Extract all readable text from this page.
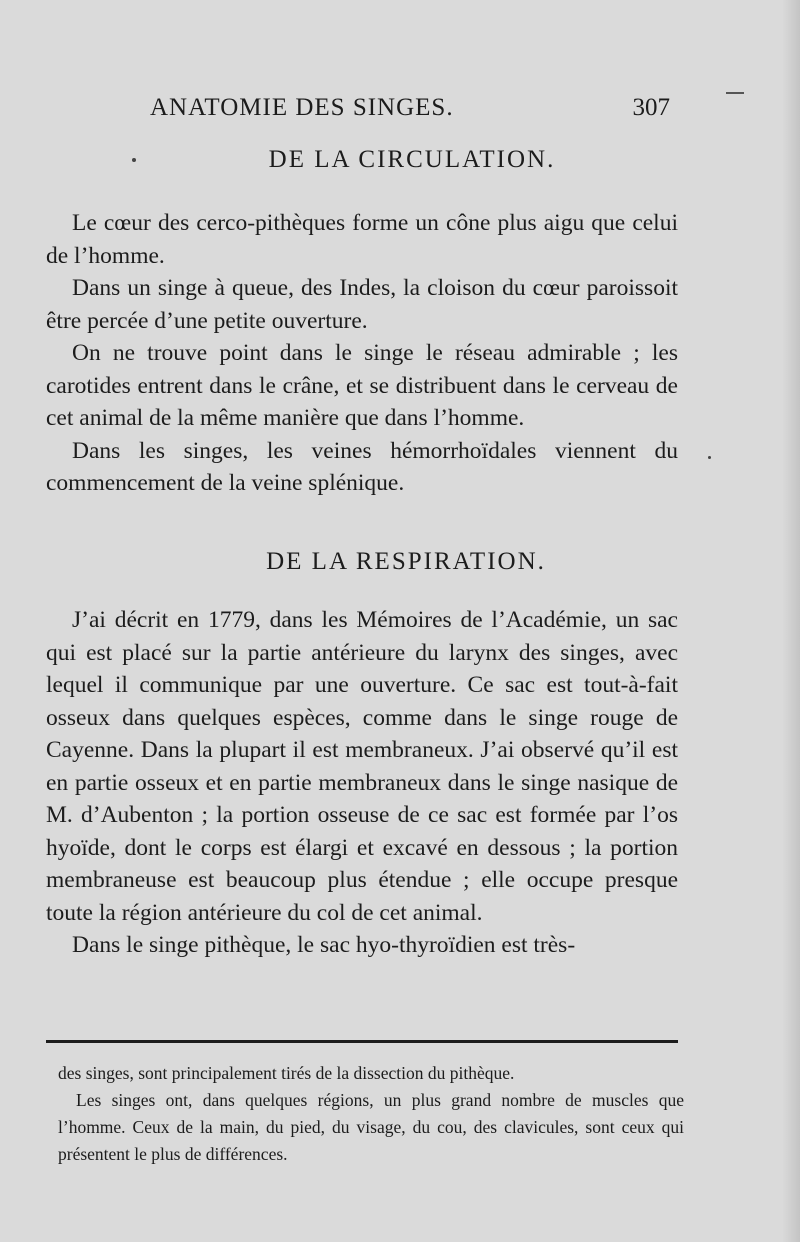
ANATOMIE DES SINGES.	307
DE LA CIRCULATION.

Le cœur des cerco-pithèques forme un cône plus aigu que celui de l’homme.

Dans un singe à queue, des Indes, la cloison du cœur paroissoit être percée d’une petite ouverture.

On ne trouve point dans le singe le réseau admirable ; les carotides entrent dans le crâne, et se distribuent dans le cerveau de cet animal de la même manière que dans l’homme.

Dans les singes, les veines hémorrhoïdales viennent du commencement de la veine splénique.

DE LA RESPIRATION.

J’ai décrit en 1779, dans les Mémoires de l’Académie, un sac qui est placé sur la partie antérieure du larynx des singes, avec lequel il communique par une ouverture. Ce sac est tout-à-fait osseux dans quelques espèces, comme dans le singe rouge de Cayenne. Dans la plupart il est membraneux. J’ai observé qu’il est en partie osseux et en partie membraneux dans le singe nasique de M. d’Aubenton ; la portion osseuse de ce sac est formée par l’os hyoïde, dont le corps est élargi et excavé en dessous ; la portion membraneuse est beaucoup plus étendue ; elle occupe presque toute la région antérieure du col de cet animal.

Dans le singe pithèque, le sac hyo-thyroïdien est très-

des singes, sont principalement tirés de la dissection du pithèque.

Les singes ont, dans quelques régions, un plus grand nombre de muscles que l’homme. Ceux de la main, du pied, du visage, du cou, des clavicules, sont ceux qui présentent le plus de différences.
